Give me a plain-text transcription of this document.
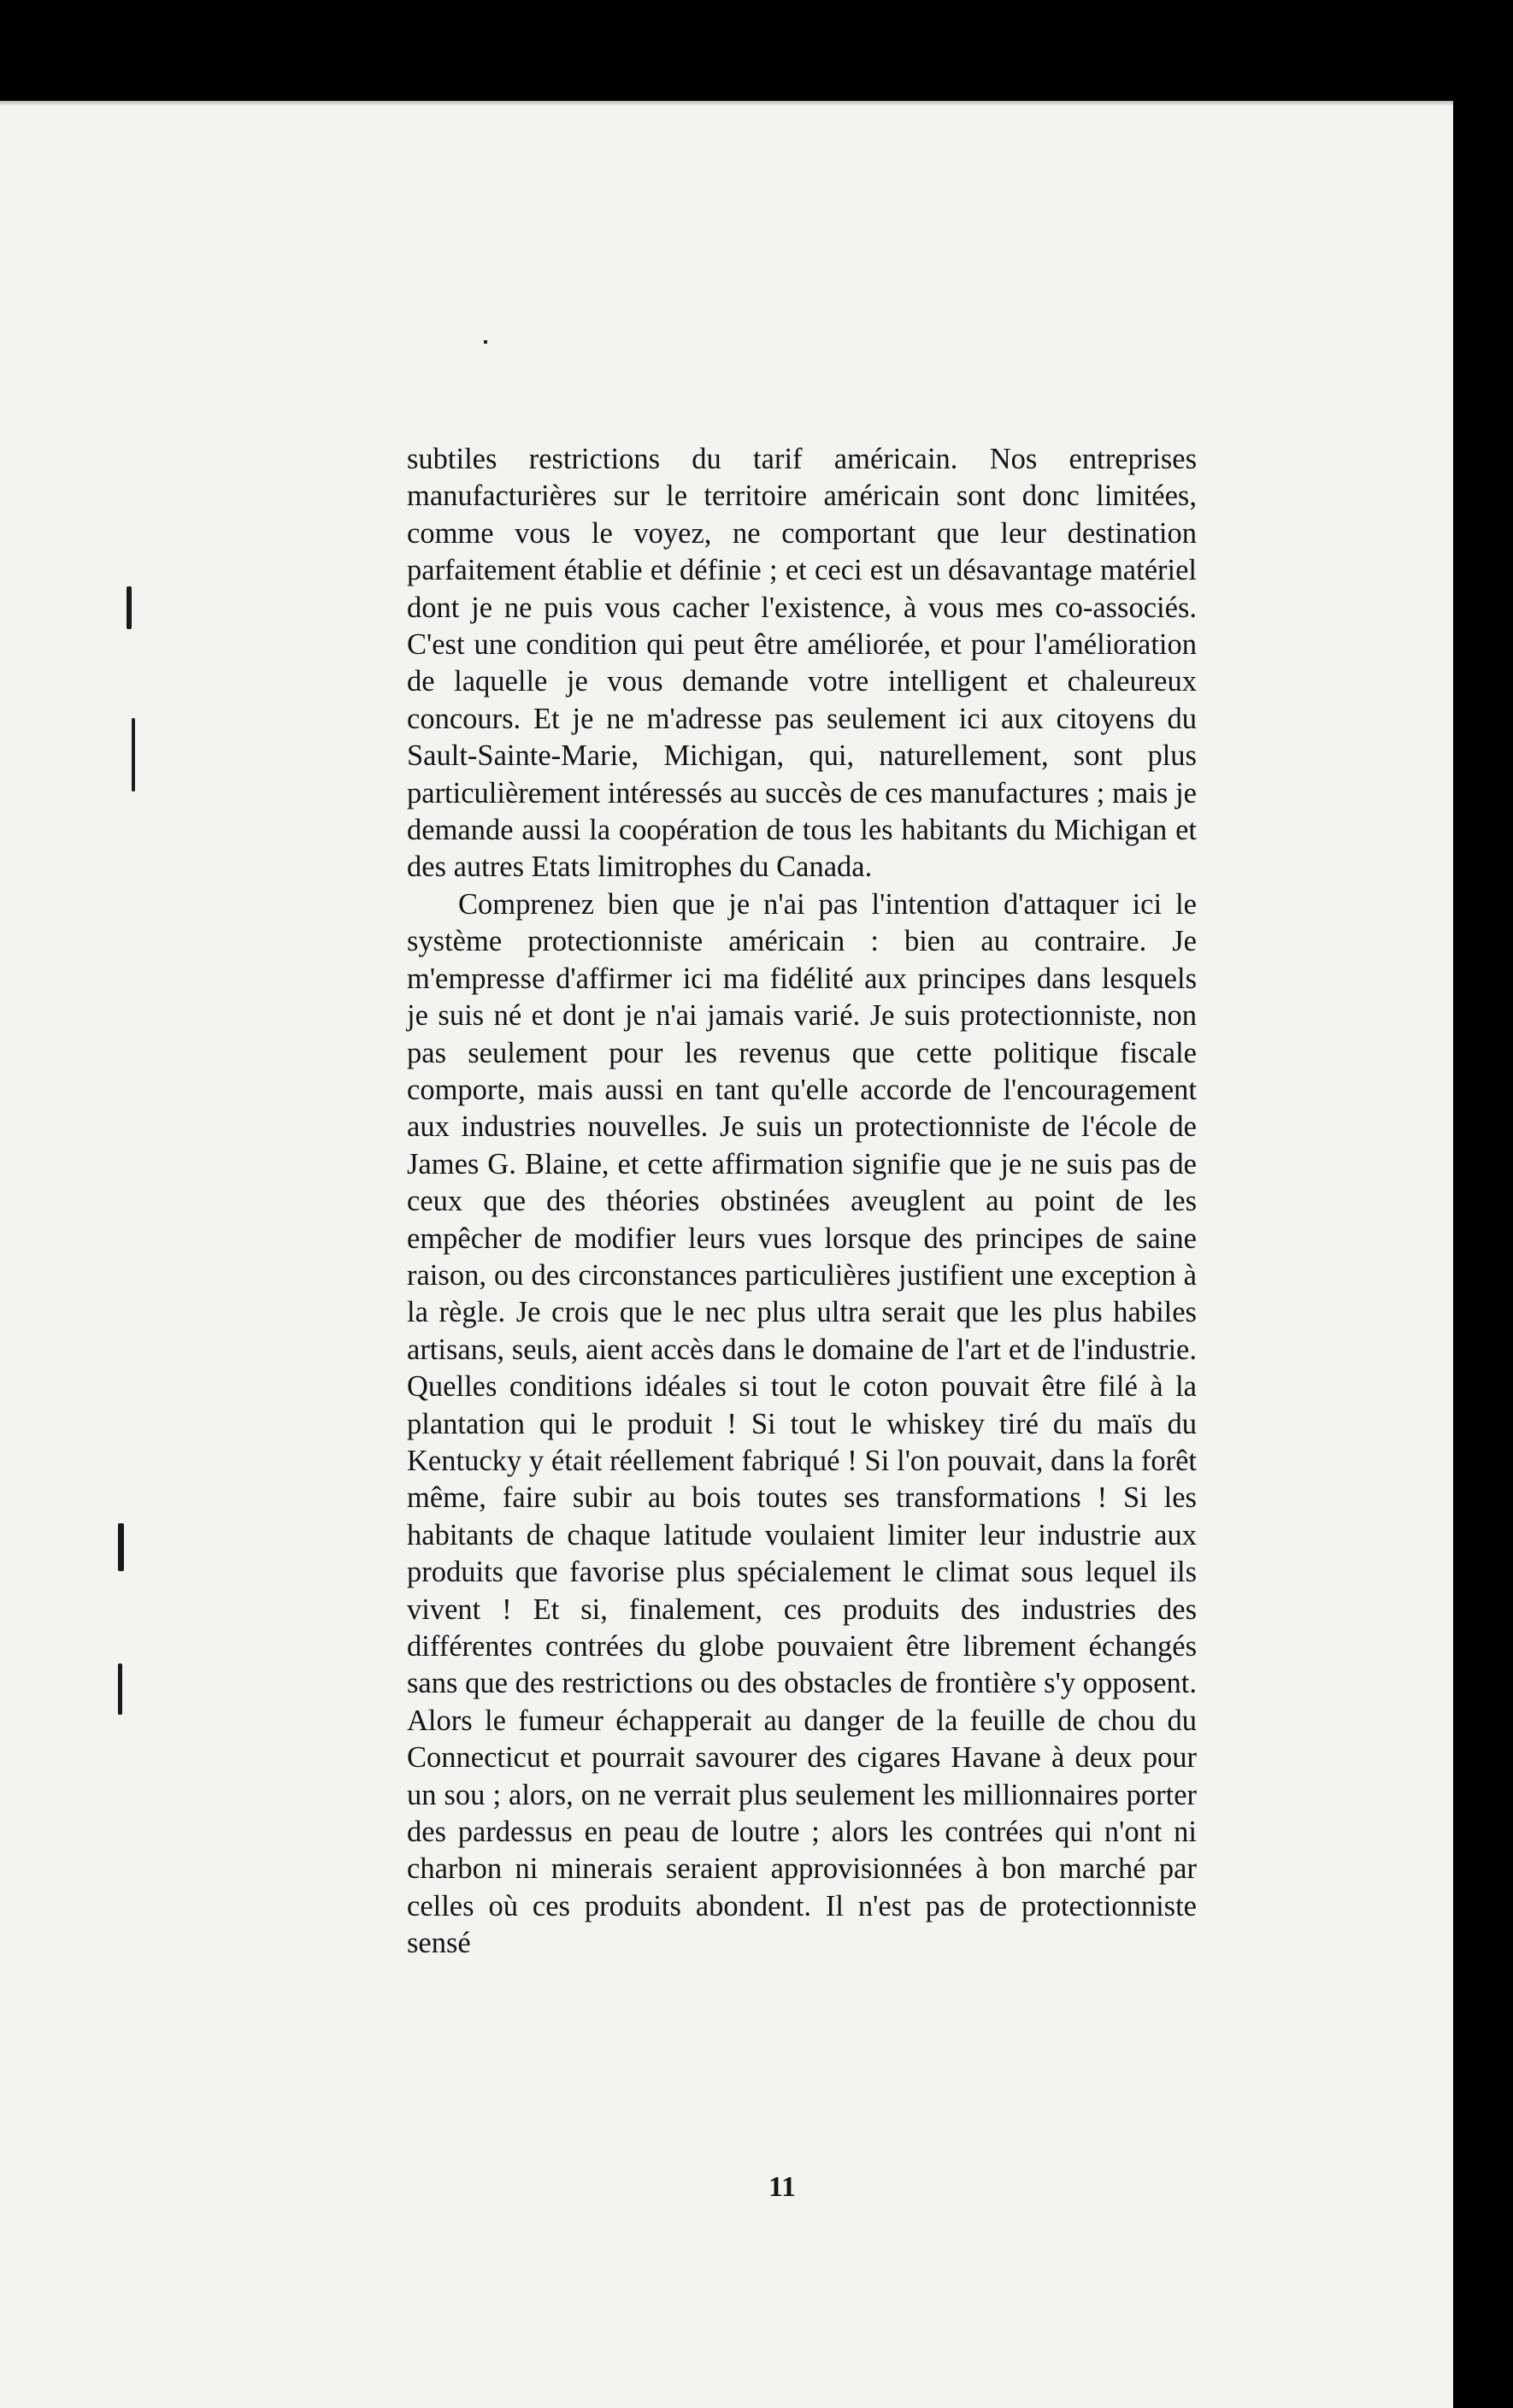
subtiles restrictions du tarif américain. Nos entreprises manufacturières sur le territoire américain sont donc limitées, comme vous le voyez, ne comportant que leur destination parfaitement établie et définie ; et ceci est un désavantage matériel dont je ne puis vous cacher l'existence, à vous mes co-associés. C'est une condition qui peut être améliorée, et pour l'amélioration de laquelle je vous demande votre intelligent et chaleureux concours. Et je ne m'adresse pas seulement ici aux citoyens du Sault-Sainte-Marie, Michigan, qui, naturellement, sont plus particulièrement intéressés au succès de ces manufactures ; mais je demande aussi la coopération de tous les habitants du Michigan et des autres Etats limitrophes du Canada.

Comprenez bien que je n'ai pas l'intention d'attaquer ici le système protectionniste américain : bien au contraire. Je m'empresse d'affirmer ici ma fidélité aux principes dans lesquels je suis né et dont je n'ai jamais varié. Je suis protectionniste, non pas seulement pour les revenus que cette politique fiscale comporte, mais aussi en tant qu'elle accorde de l'encouragement aux industries nouvelles. Je suis un protectionniste de l'école de James G. Blaine, et cette affirmation signifie que je ne suis pas de ceux que des théories obstinées aveuglent au point de les empêcher de modifier leurs vues lorsque des principes de saine raison, ou des circonstances particulières justifient une exception à la règle. Je crois que le nec plus ultra serait que les plus habiles artisans, seuls, aient accès dans le domaine de l'art et de l'industrie. Quelles conditions idéales si tout le coton pouvait être filé à la plantation qui le produit ! Si tout le whiskey tiré du maïs du Kentucky y était réellement fabriqué ! Si l'on pouvait, dans la forêt même, faire subir au bois toutes ses transformations ! Si les habitants de chaque latitude voulaient limiter leur industrie aux produits que favorise plus spécialement le climat sous lequel ils vivent ! Et si, finalement, ces produits des industries des différentes contrées du globe pouvaient être librement échangés sans que des restrictions ou des obstacles de frontière s'y opposent. Alors le fumeur échapperait au danger de la feuille de chou du Connecticut et pourrait savourer des cigares Havane à deux pour un sou ; alors, on ne verrait plus seulement les millionnaires porter des pardessus en peau de loutre ; alors les contrées qui n'ont ni charbon ni minerais seraient approvisionnées à bon marché par celles où ces produits abondent. Il n'est pas de protectionniste sensé

11
